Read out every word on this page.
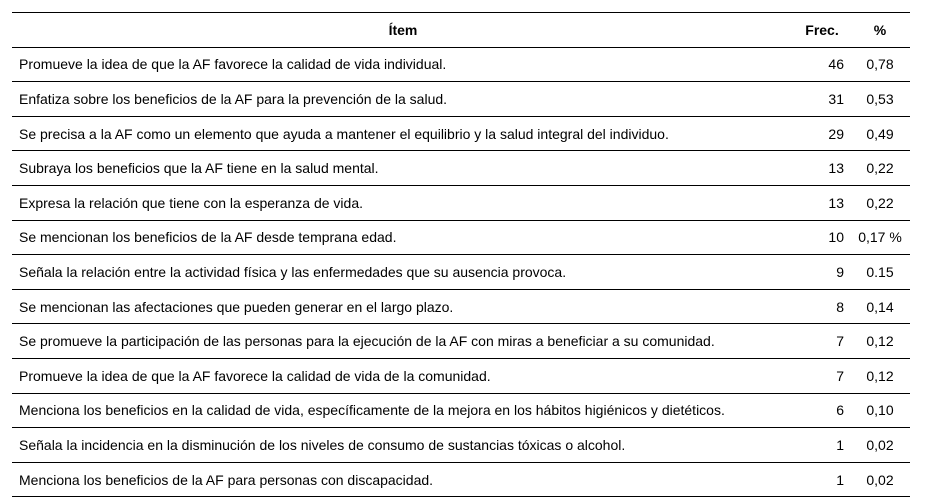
Ítem	Frec.	%
Promueve la idea de que la AF favorece la calidad de vida individual.	46	0,78
Enfatiza sobre los beneficios de la AF para la prevención de la salud.	31	0,53
Se precisa a la AF como un elemento que ayuda a mantener el equilibrio y la salud integral del individuo.	29	0,49
Subraya los beneficios que la AF tiene en la salud mental.	13	0,22
Expresa la relación que tiene con la esperanza de vida.	13	0,22
Se mencionan los beneficios de la AF desde temprana edad.	10	0,17 %
Señala la relación entre la actividad física y las enfermedades que su ausencia provoca.	9	0.15
Se mencionan las afectaciones que pueden generar en el largo plazo.	8	0,14
Se promueve la participación de las personas para la ejecución de la AF con miras a beneficiar a su comunidad.	7	0,12
Promueve la idea de que la AF favorece la calidad de vida de la comunidad.	7	0,12
Menciona los beneficios en la calidad de vida, específicamente de la mejora en los hábitos higiénicos y dietéticos.	6	0,10
Señala la incidencia en la disminución de los niveles de consumo de sustancias tóxicas o alcohol.	1	0,02
Menciona los beneficios de la AF para personas con discapacidad.	1	0,02
